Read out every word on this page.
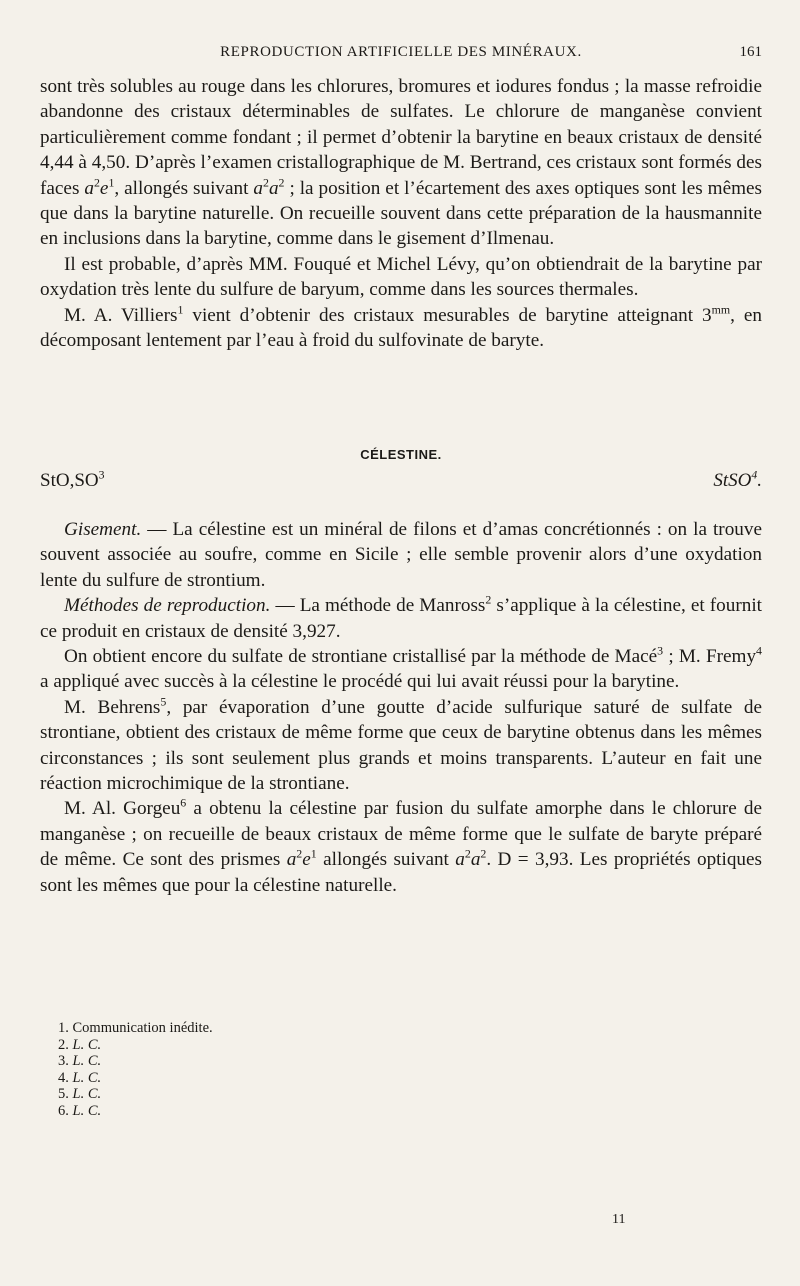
REPRODUCTION ARTIFICIELLE DES MINÉRAUX.	161

sont très solubles au rouge dans les chlorures, bromures et iodures fondus ; la masse refroidie abandonne des cristaux déterminables de sulfates. Le chlorure de manganèse convient particulièrement comme fondant ; il permet d’obtenir la barytine en beaux cristaux de densité 4,44 à 4,50. D’après l’examen cristallographique de M. Bertrand, ces cristaux sont formés des faces $a^2e^1$, allongés suivant $a^2a^2$ ; la position et l’écartement des axes optiques sont les mêmes que dans la barytine naturelle. On recueille souvent dans cette préparation de la hausmannite en inclusions dans la barytine, comme dans le gisement d’Ilmenau.

Il est probable, d’après MM. Fouqué et Michel Lévy, qu’on obtiendrait de la barytine par oxydation très lente du sulfure de baryum, comme dans les sources thermales.

M. A. Villiers$^1$ vient d’obtenir des cristaux mesurables de barytine atteignant $3^{mm}$, en décomposant lentement par l’eau à froid du sulfovinate de baryte.

CÉLESTINE.
$StO,SO^3$	StSO$^4$.

Gisement. — La célestine est un minéral de filons et d’amas concrétionnés : on la trouve souvent associée au soufre, comme en Sicile ; elle semble provenir alors d’une oxydation lente du sulfure de strontium.

Méthodes de reproduction. — La méthode de Manross$^2$ s’applique à la célestine, et fournit ce produit en cristaux de densité 3,927.

On obtient encore du sulfate de strontiane cristallisé par la méthode de Macé$^3$ ; M. Fremy$^4$ a appliqué avec succès à la célestine le procédé qui lui avait réussi pour la barytine.

M. Behrens$^5$, par évaporation d’une goutte d’acide sulfurique saturé de sulfate de strontiane, obtient des cristaux de même forme que ceux de barytine obtenus dans les mêmes circonstances ; ils sont seulement plus grands et moins transparents. L’auteur en fait une réaction microchimique de la strontiane.

M. Al. Gorgeu$^6$ a obtenu la célestine par fusion du sulfate amorphe dans le chlorure de manganèse ; on recueille de beaux cristaux de même forme que le sulfate de baryte préparé de même. Ce sont des prismes $a^2e^1$ allongés suivant $a^2a^2$. D = 3,93. Les propriétés optiques sont les mêmes que pour la célestine naturelle.

1. Communication inédite.
2. L. C.
3. L. C.
4. L. C.
5. L. C.
6. L. C.
11
